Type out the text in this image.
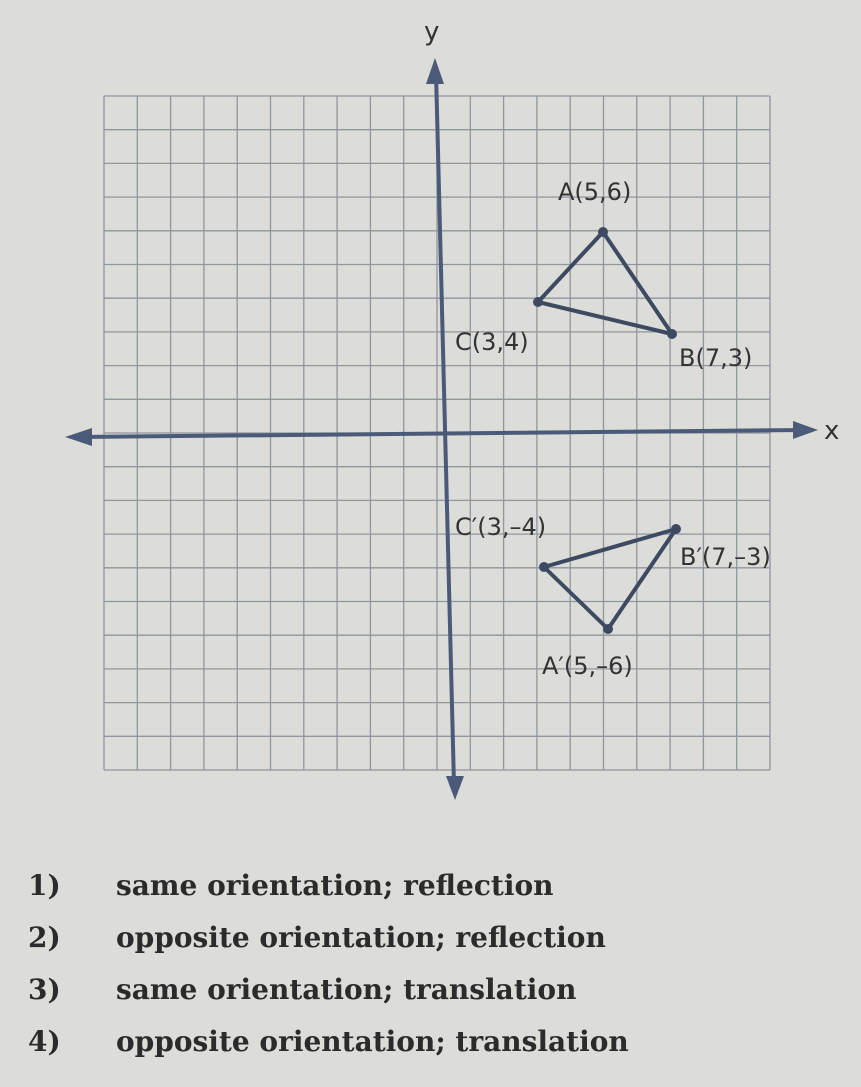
y
x
A(5,6)
B(7,3)
C(3,4)
A′(5,–6)
B′(7,–3)
C′(3,–4)
1) same orientation; reflection
2) opposite orientation; reflection
3) same orientation; translation
4) opposite orientation; translation
